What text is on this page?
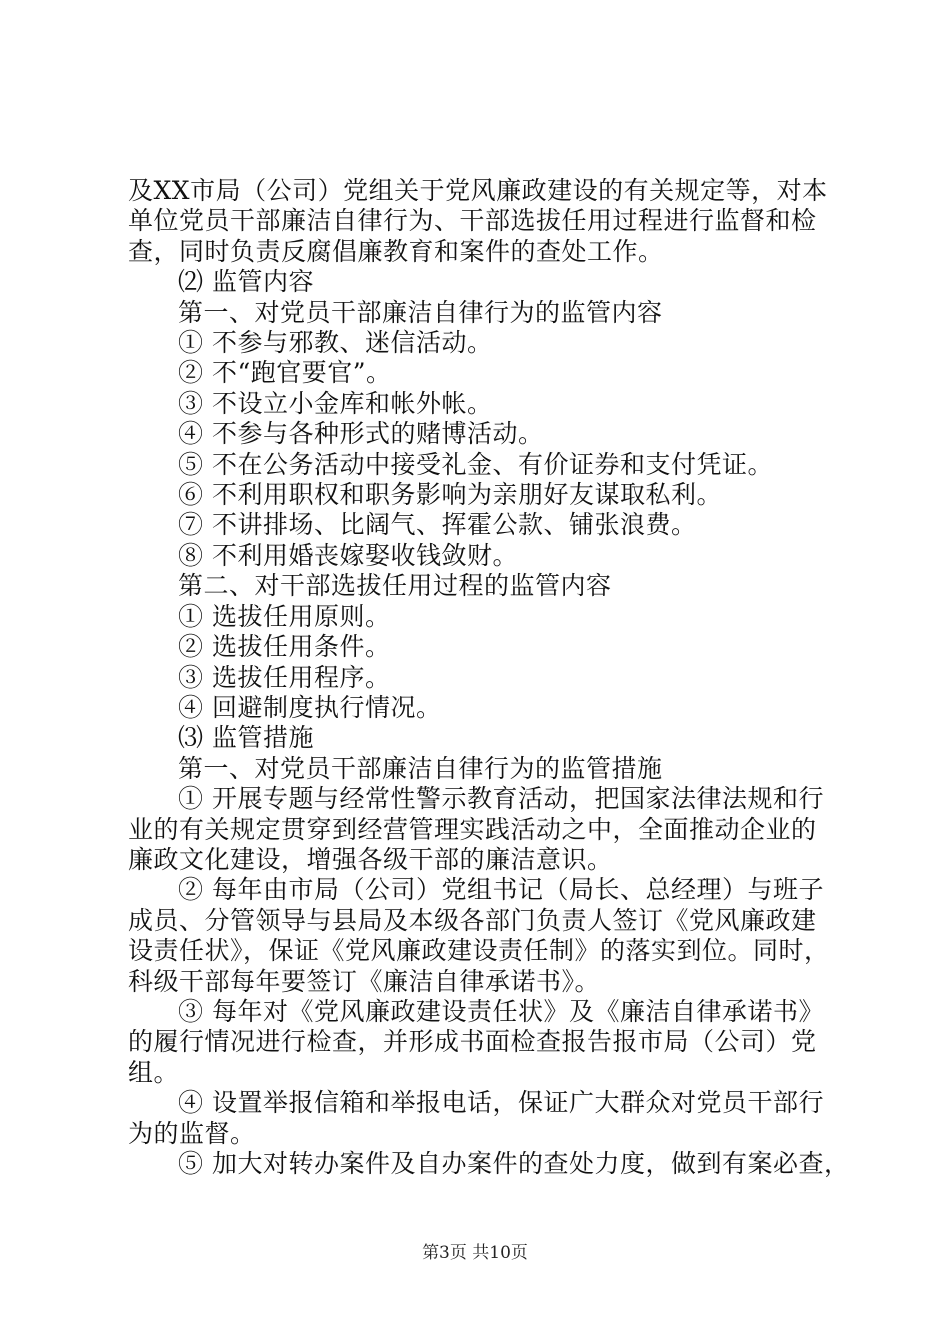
及XX市局（公司）党组关于党风廉政建设的有关规定等，对本
单位党员干部廉洁自律行为、干部选拔任用过程进行监督和检
查，同时负责反腐倡廉教育和案件的查处工作。
⑵ 监管内容
第一、对党员干部廉洁自律行为的监管内容
① 不参与邪教、迷信活动。
② 不“跑官要官”。
③ 不设立小金库和帐外帐。
④ 不参与各种形式的赌博活动。
⑤ 不在公务活动中接受礼金、有价证券和支付凭证。
⑥ 不利用职权和职务影响为亲朋好友谋取私利。
⑦ 不讲排场、比阔气、挥霍公款、铺张浪费。
⑧ 不利用婚丧嫁娶收钱敛财。
第二、对干部选拔任用过程的监管内容
① 选拔任用原则。
② 选拔任用条件。
③ 选拔任用程序。
④ 回避制度执行情况。
⑶ 监管措施
第一、对党员干部廉洁自律行为的监管措施
① 开展专题与经常性警示教育活动，把国家法律法规和行
业的有关规定贯穿到经营管理实践活动之中，全面推动企业的
廉政文化建设，增强各级干部的廉洁意识。
② 每年由市局（公司）党组书记（局长、总经理）与班子
成员、分管领导与县局及本级各部门负责人签订《党风廉政建
设责任状》，保证《党风廉政建设责任制》的落实到位。同时，
科级干部每年要签订《廉洁自律承诺书》。
③ 每年对《党风廉政建设责任状》及《廉洁自律承诺书》
的履行情况进行检查，并形成书面检查报告报市局（公司）党
组。
④ 设置举报信箱和举报电话，保证广大群众对党员干部行
为的监督。
⑤ 加大对转办案件及自办案件的查处力度，做到有案必查，
第3页 共10页
